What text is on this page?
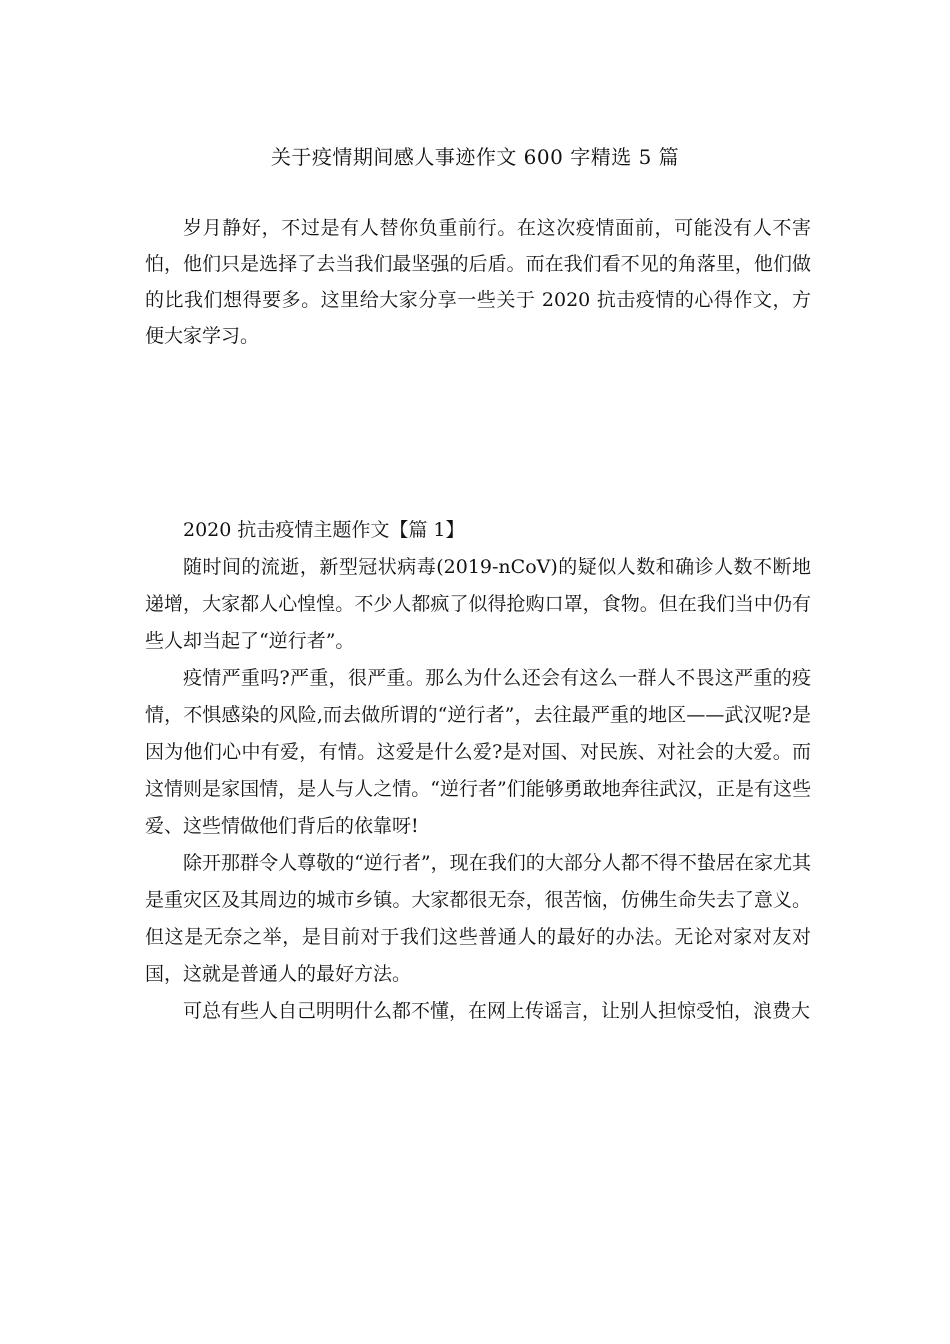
关于疫情期间感人事迹作文 600 字精选 5 篇

岁月静好，不过是有人替你负重前行。在这次疫情面前，可能没有人不害怕，他们只是选择了去当我们最坚强的后盾。而在我们看不见的角落里，他们做的比我们想得要多。这里给大家分享一些关于 2020 抗击疫情的心得作文，方便大家学习。

2020 抗击疫情主题作文【篇 1】

随时间的流逝，新型冠状病毒(2019-nCoV)的疑似人数和确诊人数不断地递增，大家都人心惶惶。不少人都疯了似得抢购口罩，食物。但在我们当中仍有些人却当起了“逆行者”。

疫情严重吗?严重，很严重。那么为什么还会有这么一群人不畏这严重的疫情，不惧感染的风险,而去做所谓的“逆行者”，去往最严重的地区——武汉呢?是因为他们心中有爱，有情。这爱是什么爱?是对国、对民族、对社会的大爱。而这情则是家国情，是人与人之情。“逆行者”们能够勇敢地奔往武汉，正是有这些爱、这些情做他们背后的依靠呀!

除开那群令人尊敬的“逆行者”，现在我们的大部分人都不得不蛰居在家尤其是重灾区及其周边的城市乡镇。大家都很无奈，很苦恼，仿佛生命失去了意义。但这是无奈之举，是目前对于我们这些普通人的最好的办法。无论对家对友对国，这就是普通人的最好方法。

可总有些人自己明明什么都不懂，在网上传谣言，让别人担惊受怕，浪费大
